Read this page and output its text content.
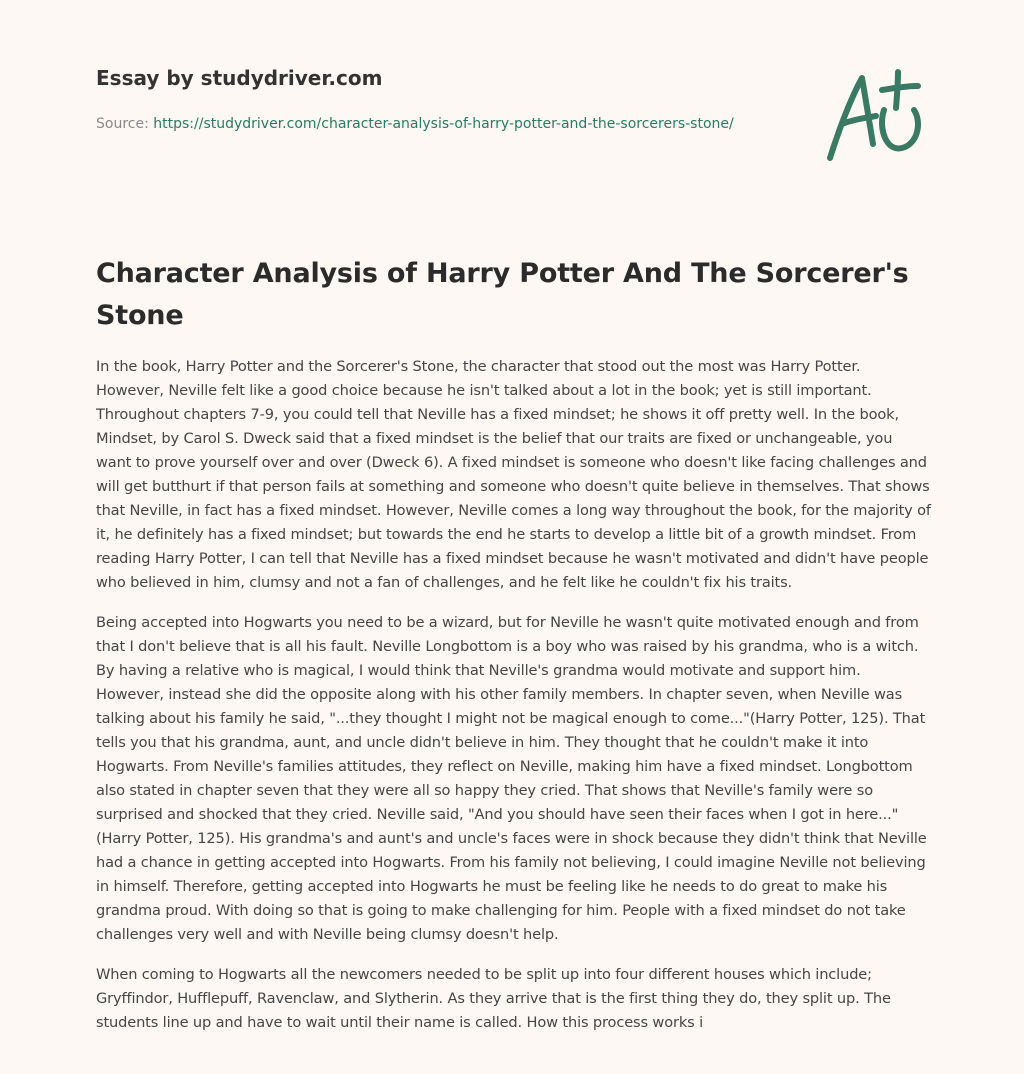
Essay by studydriver.com
Source: https://studydriver.com/character-analysis-of-harry-potter-and-the-sorcerers-stone/
Character Analysis of Harry Potter And The Sorcerer's Stone

In the book, Harry Potter and the Sorcerer's Stone, the character that stood out the most was Harry Potter. However, Neville felt like a good choice because he isn't talked about a lot in the book; yet is still important. Throughout chapters 7-9, you could tell that Neville has a fixed mindset; he shows it off pretty well. In the book, Mindset, by Carol S. Dweck said that a fixed mindset is the belief that our traits are fixed or unchangeable, you want to prove yourself over and over (Dweck 6). A fixed mindset is someone who doesn't like facing challenges and will get butthurt if that person fails at something and someone who doesn't quite believe in themselves. That shows that Neville, in fact has a fixed mindset. However, Neville comes a long way throughout the book, for the majority of it, he definitely has a fixed mindset; but towards the end he starts to develop a little bit of a growth mindset. From reading Harry Potter, I can tell that Neville has a fixed mindset because he wasn't motivated and didn't have people who believed in him, clumsy and not a fan of challenges, and he felt like he couldn't fix his traits.

Being accepted into Hogwarts you need to be a wizard, but for Neville he wasn't quite motivated enough and from that I don't believe that is all his fault. Neville Longbottom is a boy who was raised by his grandma, who is a witch. By having a relative who is magical, I would think that Neville's grandma would motivate and support him. However, instead she did the opposite along with his other family members. In chapter seven, when Neville was talking about his family he said, "...they thought I might not be magical enough to come..."(Harry Potter, 125). That tells you that his grandma, aunt, and uncle didn't believe in him. They thought that he couldn't make it into Hogwarts. From Neville's families attitudes, they reflect on Neville, making him have a fixed mindset. Longbottom also stated in chapter seven that they were all so happy they cried. That shows that Neville's family were so surprised and shocked that they cried. Neville said, "And you should have seen their faces when I got in here..."(Harry Potter, 125). His grandma's and aunt's and uncle's faces were in shock because they didn't think that Neville had a chance in getting accepted into Hogwarts. From his family not believing, I could imagine Neville not believing in himself. Therefore, getting accepted into Hogwarts he must be feeling like he needs to do great to make his grandma proud. With doing so that is going to make challenging for him. People with a fixed mindset do not take challenges very well and with Neville being clumsy doesn't help.

When coming to Hogwarts all the newcomers needed to be split up into four different houses which include; Gryffindor, Hufflepuff, Ravenclaw, and Slytherin. As they arrive that is the first thing they do, they split up. The students line up and have to wait until their name is called. How this process works i
